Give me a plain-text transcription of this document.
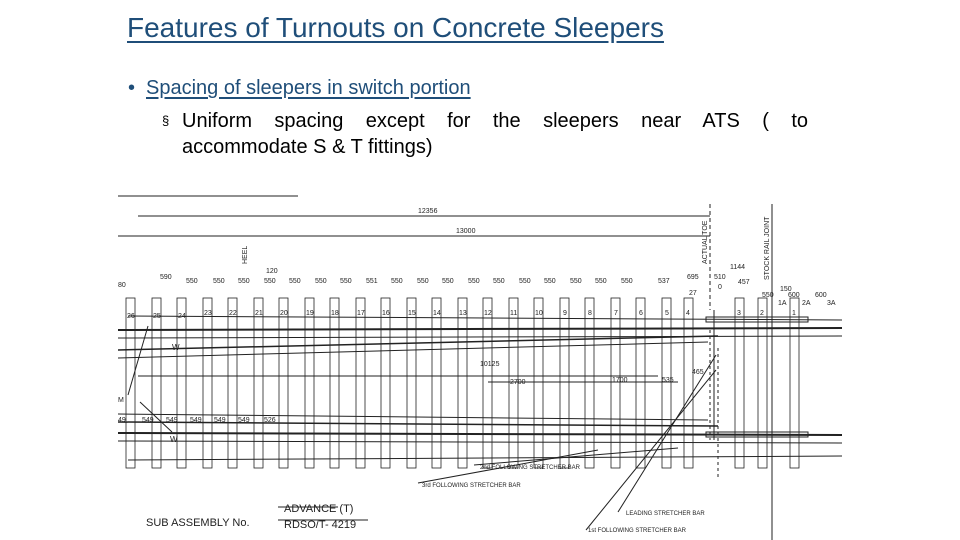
Features of Turnouts on Concrete Sleepers
• Spacing of sleepers in switch portion
§ Uniform spacing except for the sleepers near ATS ( to
accommodate S & T fittings)
12356
13000
10125
2700	1700	535
465
1144
120
695 510
457
27
150
600 600
550
590
80
550 550 550 550 550 550 550 551 550 550 550 550 550 550 550 550 550 550	537
549 549 549 549 549 526
26	25 24	23 22	21 20	19 18	17 16	15 14	13 12	11	10	9	8	7	6	5 4	3	2	1
W
W
M
0
1A 2A 3A
49
2nd FOLLOWING STRETCHER BAR
3rd FOLLOWING STRETCHER BAR
LEADING STRETCHER BAR
1st FOLLOWING STRETCHER BAR
HEEL	ACTUAL TOE	STOCK RAIL JOINT
SUB ASSEMBLY No.
ADVANCE (T)
RDSO/T- 4219
